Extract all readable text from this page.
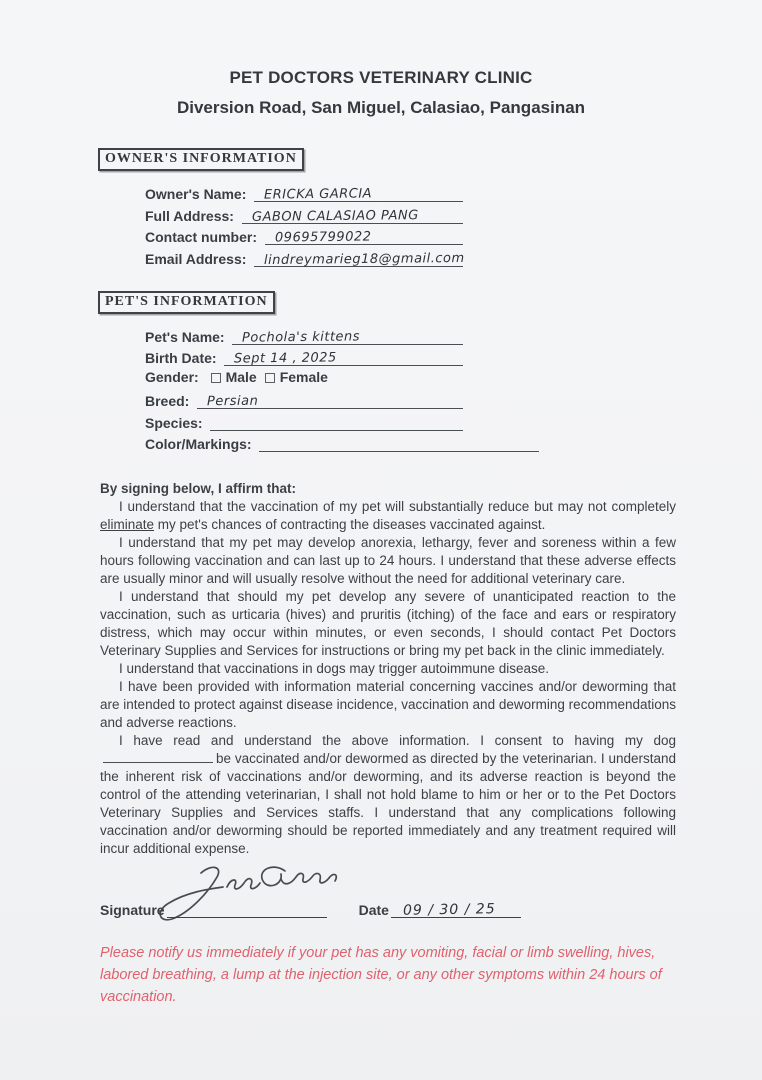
PET DOCTORS VETERINARY CLINIC
Diversion Road, San Miguel, Calasiao, Pangasinan
OWNER'S INFORMATION
Owner's Name: ERICKA GARCIA
Full Address: GABON CALASIAO PANG
Contact number: 09695799022
Email Address: lindreymarieg18@gmail.com
PET'S INFORMATION
Pet's Name: Pochola's kittens
Birth Date: Sept 14 , 2025
Gender: Male Female
Breed: Persian
Species:
Color/Markings:

By signing below, I affirm that:

I understand that the vaccination of my pet will substantially reduce but may not completely eliminate my pet's chances of contracting the diseases vaccinated against.

I understand that my pet may develop anorexia, lethargy, fever and soreness within a few hours following vaccination and can last up to 24 hours. I understand that these adverse effects are usually minor and will usually resolve without the need for additional veterinary care.

I understand that should my pet develop any severe of unanticipated reaction to the vaccination, such as urticaria (hives) and pruritis (itching) of the face and ears or respiratory distress, which may occur within minutes, or even seconds, I should contact Pet Doctors Veterinary Supplies and Services for instructions or bring my pet back in the clinic immediately.

I understand that vaccinations in dogs may trigger autoimmune disease.

I have been provided with information material concerning vaccines and/or deworming that are intended to protect against disease incidence, vaccination and deworming recommendations and adverse reactions.

I have read and understand the above information. I consent to having my dogbe vaccinated and/or dewormed as directed by the veterinarian. I understand the inherent risk of vaccinations and/or deworming, and its adverse reaction is beyond the control of the attending veterinarian, I shall not hold blame to him or her or to the Pet Doctors Veterinary Supplies and Services staffs. I understand that any complications following vaccination and/or deworming should be reported immediately and any treatment required will incur additional expense.

Signature	Date 09 / 30 / 25
Please notify us immediately if your pet has any vomiting, facial or limb swelling, hives, labored breathing, a lump at the injection site, or any other symptoms within 24 hours of vaccination.
